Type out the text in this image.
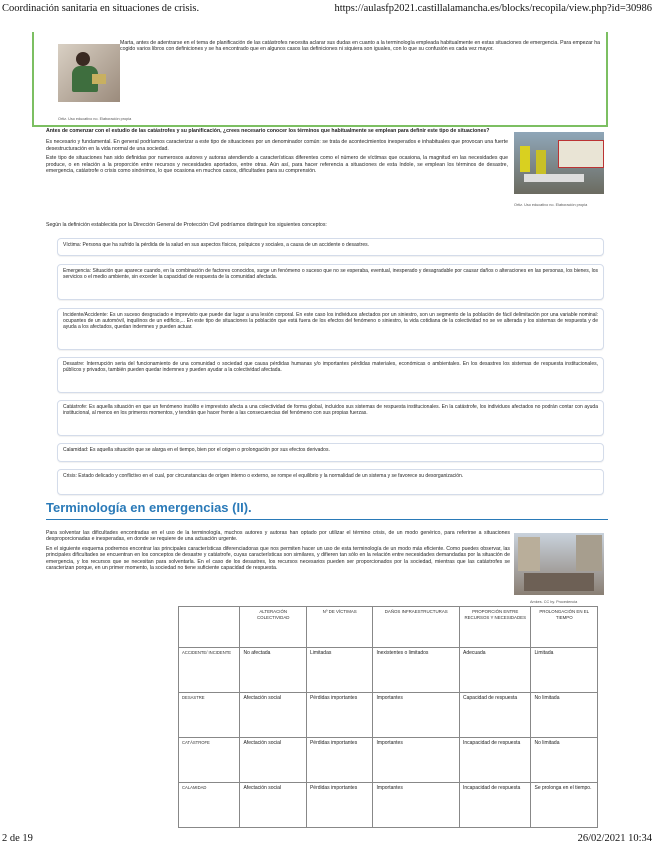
Coordinación sanitaria en situaciones de crisis.	https://aulasfp2021.castillalamancha.es/blocks/recopila/view.php?id=30986
Ortiz. Uso educativo no. Elaboración propia
Marta, antes de adentrarse en el tema de planificación de las catástrofes necesita aclarar sus dudas en cuanto a la terminología empleada habitualmente en estas situaciones de emergencia. Para empezar ha cogido varios libros con definiciones y se ha encontrado que en algunos casos las definiciones ni siquiera son iguales, con lo que su confusión es cada vez mayor.

Antes de comenzar con el estudio de las catástrofes y su planificación, ¿crees necesario conocer los términos que habitualmente se emplean para definir este tipo de situaciones?

Es necesario y fundamental. En general podríamos caracterizar a este tipo de situaciones por un denominador común: se trata de acontecimientos inesperados e inhabituales que provocan una fuerte desestructuración en la vida normal de una sociedad.

Este tipo de situaciones han sido definidas por numerosos autores y autoras atendiendo a características diferentes como el número de víctimas que ocasiona, la magnitud en las necesidades que produce, o en relación a la proporción entre recursos y necesidades aportados, entre otras. Aún así, para hacer referencia a situaciones de esta índole, se emplean los términos de desastre, emergencia, catástrofe o crisis como sinónimos, lo que ocasiona en muchos casos, dificultades para su comprensión.

Ortiz. Uso educativo no. Elaboración propia
Según la definición establecida por la Dirección General de Protección Civil podríamos distinguir los siguientes conceptos:
Víctima: Persona que ha sufrido la pérdida de la salud en sus aspectos físicos, psíquicos y sociales, a causa de un accidente o desastres.
Emergencia: Situación que aparece cuando, en la combinación de factores conocidos, surge un fenómeno o suceso que no se esperaba, eventual, inesperado y desagradable por causar daños o alteraciones en las personas, los bienes, los servicios o el medio ambiente, sin exceder la capacidad de respuesta de la comunidad afectada.
Incidente/Accidente: Es un suceso desgraciado e imprevisto que puede dar lugar a una lesión corporal. En este caso los individuos afectados por un siniestro, son un segmento de la población de fácil delimitación por una variable nominal: ocupantes de un automóvil, inquilinos de un edificio,... En este tipo de situaciones la población que está fuera de los efectos del fenómeno o siniestro, la vida cotidiana de la colectividad no se ve alterada y los sistemas de respuesta y de ayuda a los afectados, quedan indemnes y pueden actuar.
Desastre: Interrupción seria del funcionamiento de una comunidad o sociedad que causa pérdidas humanas y/o importantes pérdidas materiales, económicas o ambientales. En los desastres los sistemas de respuesta institucionales, públicos y privados, también pueden quedar indemnes y pueden ayudar a la colectividad afectada.
Catástrofe: Es aquella situación en que un fenómeno insólito e imprevisto afecta a una colectividad de forma global, incluidos sus sistemas de respuesta institucionales. En la catástrofe, los individuos afectados no podrán contar con ayuda institucional, al menos en los primeros momentos, y tendrán que hacer frente a las consecuencias del fenómeno con sus propias fuerzas.
Calamidad: Es aquella situación que se alarga en el tiempo, bien por el origen o prolongación por sus efectos derivados.
Crisis: Estado delicado y conflictivo en el cual, por circunstancias de origen interno o externo, se rompe el equilibrio y la normalidad de un sistema y se favorece su desorganización.
Terminología en emergencias (II).

Para solventar las dificultades encontradas en el uso de la terminología, muchos autores y autoras han optado por utilizar el término crisis, de un modo genérico, para referirse a situaciones desproporcionadas e inesperadas, en donde se requiere de una actuación urgente.

En el siguiente esquema podremos encontrar las principales características diferenciadoras que nos permiten hacer un uso de esta terminología de un modo más eficiente. Como puedes observar, las principales dificultades se encuentran en los conceptos de desastre y catástrofe, cuyas características son similares, y difieren tan sólo en la relación entre necesidades demandadas por la situación de emergencia, y los recursos que se necesitan para solventarla. En el caso de los desastres, los recursos necesarios pueden ser proporcionados por la sociedad, mientras que las catástrofes se caracterizan porque, en un primer momento, la sociedad no tiene suficiente capacidad de respuesta.

Amkes. CC by. Procedencia
	ALTERACIÓN COLECTIVIDAD	Nº DE VÍCTIMAS	DAÑOS INFRAESTRUCTURAS	PROPORCIÓN ENTRE RECURSOS Y NECESIDADES	PROLONGACIÓN EN EL TIEMPO
ACCIDENTE/ INCIDENTE	No afectada	Limitadas	Inexistentes o limitados	Adecuada	Limitada
DESASTRE	Afectación social	Pérdidas importantes	Importantes	Capacidad de respuesta	No limitada
CATÁSTROFE	Afectación social	Pérdidas importantes	Importantes	Incapacidad de respuesta	No limitada
CALAMIDAD	Afectación social	Pérdidas importantes	Importantes	Incapacidad de respuesta	Se prolonga en el tiempo.
2 de 19	26/02/2021 10:34
